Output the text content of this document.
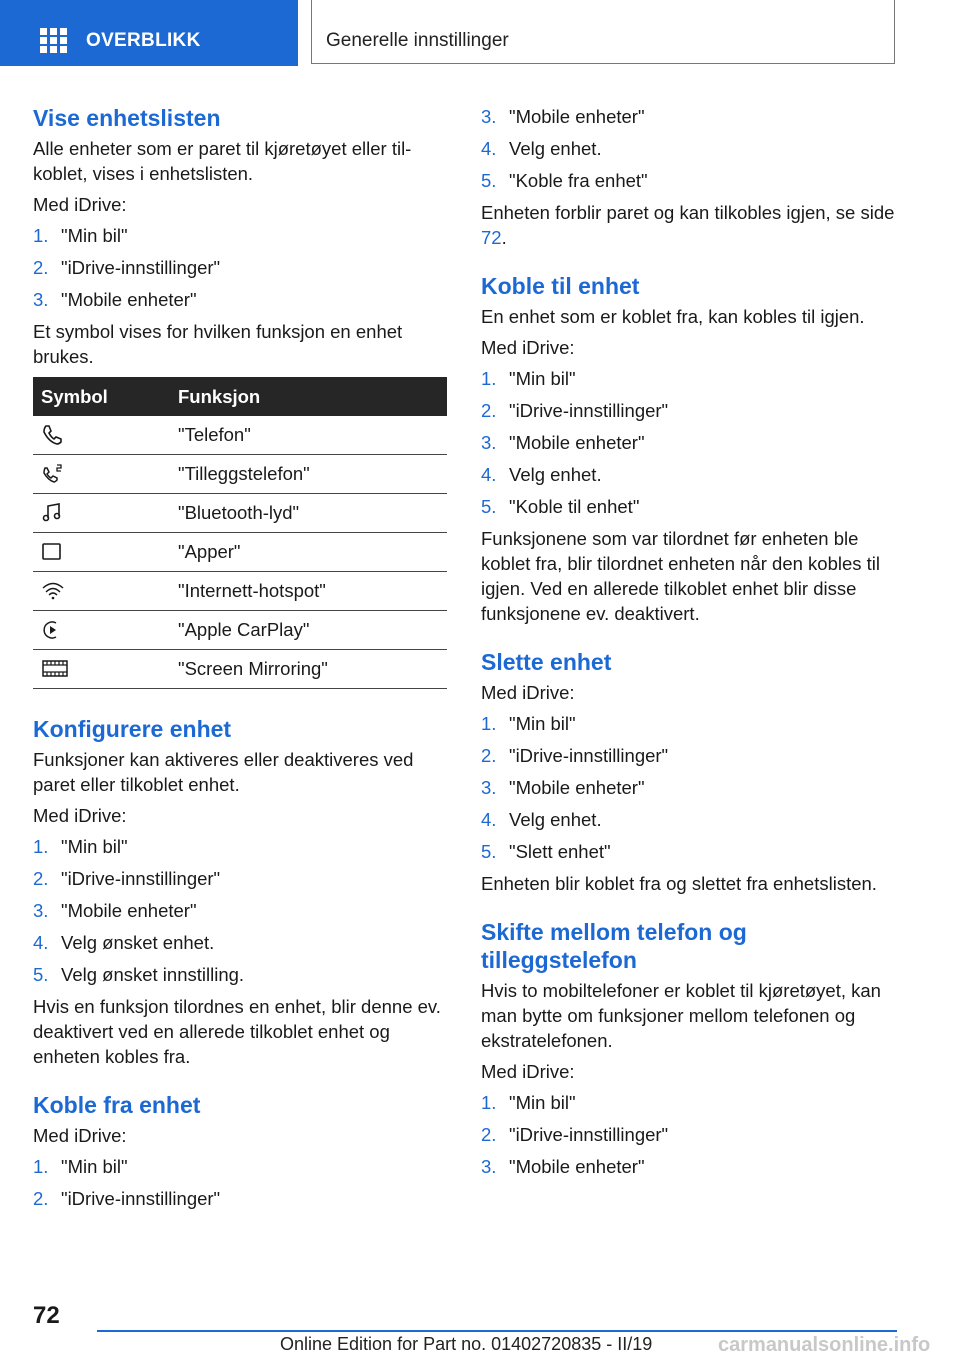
OVERBLIKK	Generelle innstillinger
Vise enhetslisten

Alle enheter som er paret til kjøretøyet eller til‐koblet, vises i enhetslisten.

Med iDrive:

1. "Min bil"
2. "iDrive-innstillinger"
3. "Mobile enheter"

Et symbol vises for hvilken funksjon en enhet brukes.

Symbol	Funksjon

	"Telefon"

	"Tilleggstelefon"

	"Bluetooth-lyd"

	"Apper"

	"Internett-hotspot"

	"Apple CarPlay"

	"Screen Mirroring"
Konfigurere enhet

Funksjoner kan aktiveres eller deaktiveres ved paret eller tilkoblet enhet.

Med iDrive:

1. "Min bil"
2. "iDrive-innstillinger"
3. "Mobile enheter"
4. Velg ønsket enhet.
5. Velg ønsket innstilling.

Hvis en funksjon tilordnes en enhet, blir denne ev. deaktivert ved en allerede tilkoblet enhet og enheten kobles fra.

Koble fra enhet

Med iDrive:

1. "Min bil"
2. "iDrive-innstillinger"
3. "Mobile enheter"
4. Velg enhet.
5. "Koble fra enhet"

Enheten forblir paret og kan tilkobles igjen, se side 72.

Koble til enhet

En enhet som er koblet fra, kan kobles til igjen.

Med iDrive:

1. "Min bil"
2. "iDrive-innstillinger"
3. "Mobile enheter"
4. Velg enhet.
5. "Koble til enhet"

Funksjonene som var tilordnet før enheten ble koblet fra, blir tilordnet enheten når den kobles til igjen. Ved en allerede tilkoblet enhet blir disse funksjonene ev. deaktivert.

Slette enhet

Med iDrive:

1. "Min bil"
2. "iDrive-innstillinger"
3. "Mobile enheter"
4. Velg enhet.
5. "Slett enhet"

Enheten blir koblet fra og slettet fra enhetslisten.

Skifte mellom telefon og tilleggstelefon

Hvis to mobiltelefoner er koblet til kjøretøyet, kan man bytte om funksjoner mellom telefonen og ekstratelefonen.

Med iDrive:

1. "Min bil"
2. "iDrive-innstillinger"
3. "Mobile enheter"
72
Online Edition for Part no. 01402720835 - II/19	carmanualsonline.info
